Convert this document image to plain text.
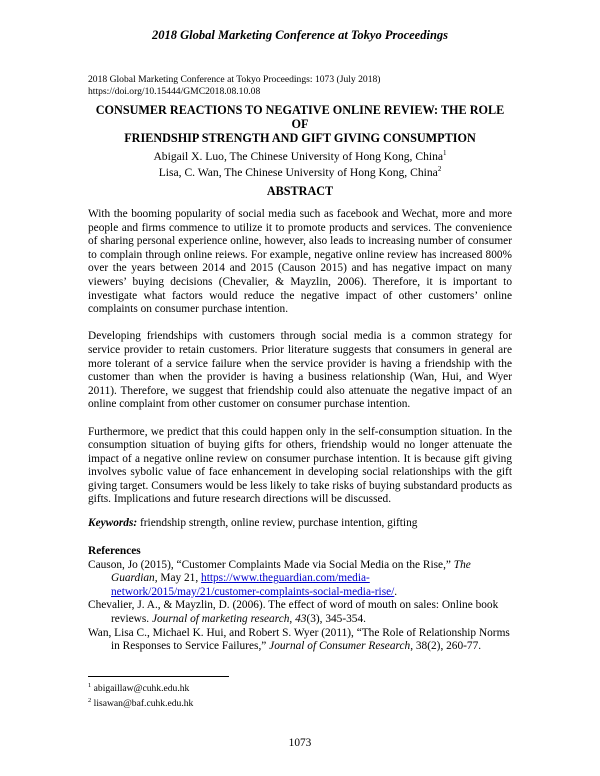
2018 Global Marketing Conference at Tokyo Proceedings
2018 Global Marketing Conference at Tokyo Proceedings: 1073 (July 2018)
https://doi.org/10.15444/GMC2018.08.10.08
CONSUMER REACTIONS TO NEGATIVE ONLINE REVIEW: THE ROLE OF
FRIENDSHIP STRENGTH AND GIFT GIVING CONSUMPTION
Abigail X. Luo, The Chinese University of Hong Kong, China$^1$
Lisa, C. Wan, The Chinese University of Hong Kong, China$^2$
ABSTRACT

With the booming popularity of social media such as facebook and Wechat, more and more people and firms commence to utilize it to promote products and services. The convenience of sharing personal experience online, however, also leads to increasing number of consumer to complain through online reiews. For example, negative online review has increased 800% over the years between 2014 and 2015 (Causon 2015) and has negative impact on many viewers’ buying decisions (Chevalier, & Mayzlin, 2006). Therefore, it is important to investigate what factors would reduce the negative impact of other customers’ online complaints on consumer purchase intention.

Developing friendships with customers through social media is a common strategy for service provider to retain customers. Prior literature suggests that consumers in general are more tolerant of a service failure when the service provider is having a friendship with the customer than when the provider is having a business relationship (Wan, Hui, and Wyer 2011). Therefore, we suggest that friendship could also attenuate the negative impact of an online complaint from other customer on consumer purchase intention.

Furthermore, we predict that this could happen only in the self-consumption situation. In the consumption situation of buying gifts for others, friendship would no longer attenuate the impact of a negative online review on consumer purchase intention. It is because gift giving involves sybolic value of face enhancement in developing social relationships with the gift giving target. Consumers would be less likely to take risks of buying substandard products as gifts. Implications and future research directions will be discussed.

Keywords: friendship strength, online review, purchase intention, gifting

References

Causon, Jo (2015), “Customer Complaints Made via Social Media on the Rise,” The Guardian, May 21, https://www.theguardian.com/media-network/2015/may/21/customer-complaints-social-media-rise/.

Chevalier, J. A., & Mayzlin, D. (2006). The effect of word of mouth on sales: Online book reviews. Journal of marketing research, 43(3), 345-354.

Wan, Lisa C., Michael K. Hui, and Robert S. Wyer (2011), “The Role of Relationship Norms in Responses to Service Failures,” Journal of Consumer Research, 38(2), 260-77.

$^1$ abigaillaw@cuhk.edu.hk
$^2$ lisawan@baf.cuhk.edu.hk
1073
